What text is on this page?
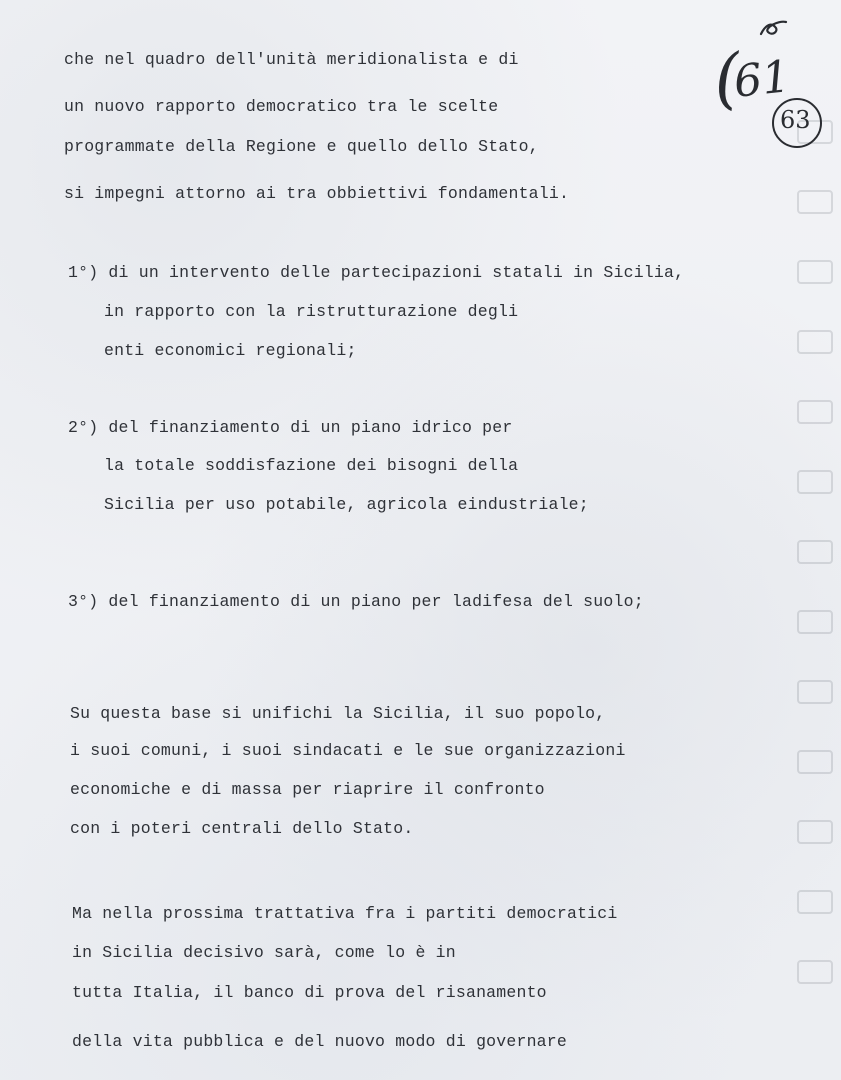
(
61
63
che nel quadro dell'unità meridionalista e di
un nuovo rapporto democratico tra le scelte
programmate della Regione e quello dello Stato,
si impegni attorno ai tra obbiettivi fondamentali.
1°) di un intervento delle partecipazioni statali in Sicilia,
in rapporto con la ristrutturazione degli
enti economici regionali;
2°) del finanziamento di un piano idrico per
la totale soddisfazione dei bisogni della
Sicilia per uso potabile, agricola eindustriale;
3°) del finanziamento di un piano per ladifesa del suolo;
Su questa base si unifichi la Sicilia, il suo popolo,
i suoi comuni, i suoi sindacati e le sue organizzazioni
economiche e di massa per riaprire il confronto
con i poteri centrali dello Stato.
Ma nella prossima trattativa fra i partiti democratici
in Sicilia decisivo sarà, come lo è in
tutta Italia, il banco di prova del risanamento
della vita pubblica e del nuovo modo di governare
